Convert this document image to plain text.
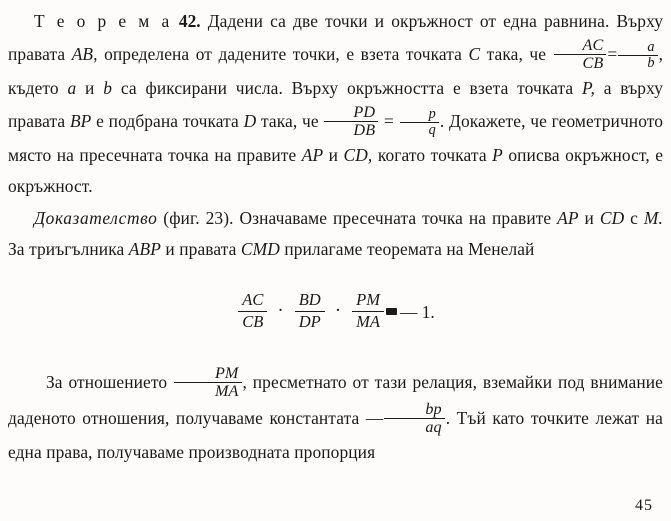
Т е о р е м а 42. Дадени са две точки и окръжност от една равнина. Върху правата AB, определена от дадените точки, е взета точката C така, че $\frac{AC}{CB} = \frac{a}{b}$ , където a и b са фиксирани числа. Върху окръжността е взета точката P, а върху правата BP е подбрана точката D така, че $\frac{PD}{DB} = \frac{p}{q}$ . Докажете, че геометричното място на пресечната точка на правите AP и CD, когато точката P описва окръжност, е окръжност.

Доказателство (фиг. 23). Означаваме пресечната точка на правите AP и CD с M. За триъгълника ABP и правата CMD прилагаме теоремата на Менелай

$\frac{AC}{CB} \cdot \frac{BD}{DP} \cdot \frac{PM}{MA}$ — 1.

За отношението $\frac{PM}{MA}$ , пресметнато от тази релация, вземайки под внимание даденото отношения, получаваме константата — $\frac{bp}{aq}$ . Тъй като точките лежат на една права, получаваме производната пропорция

45
